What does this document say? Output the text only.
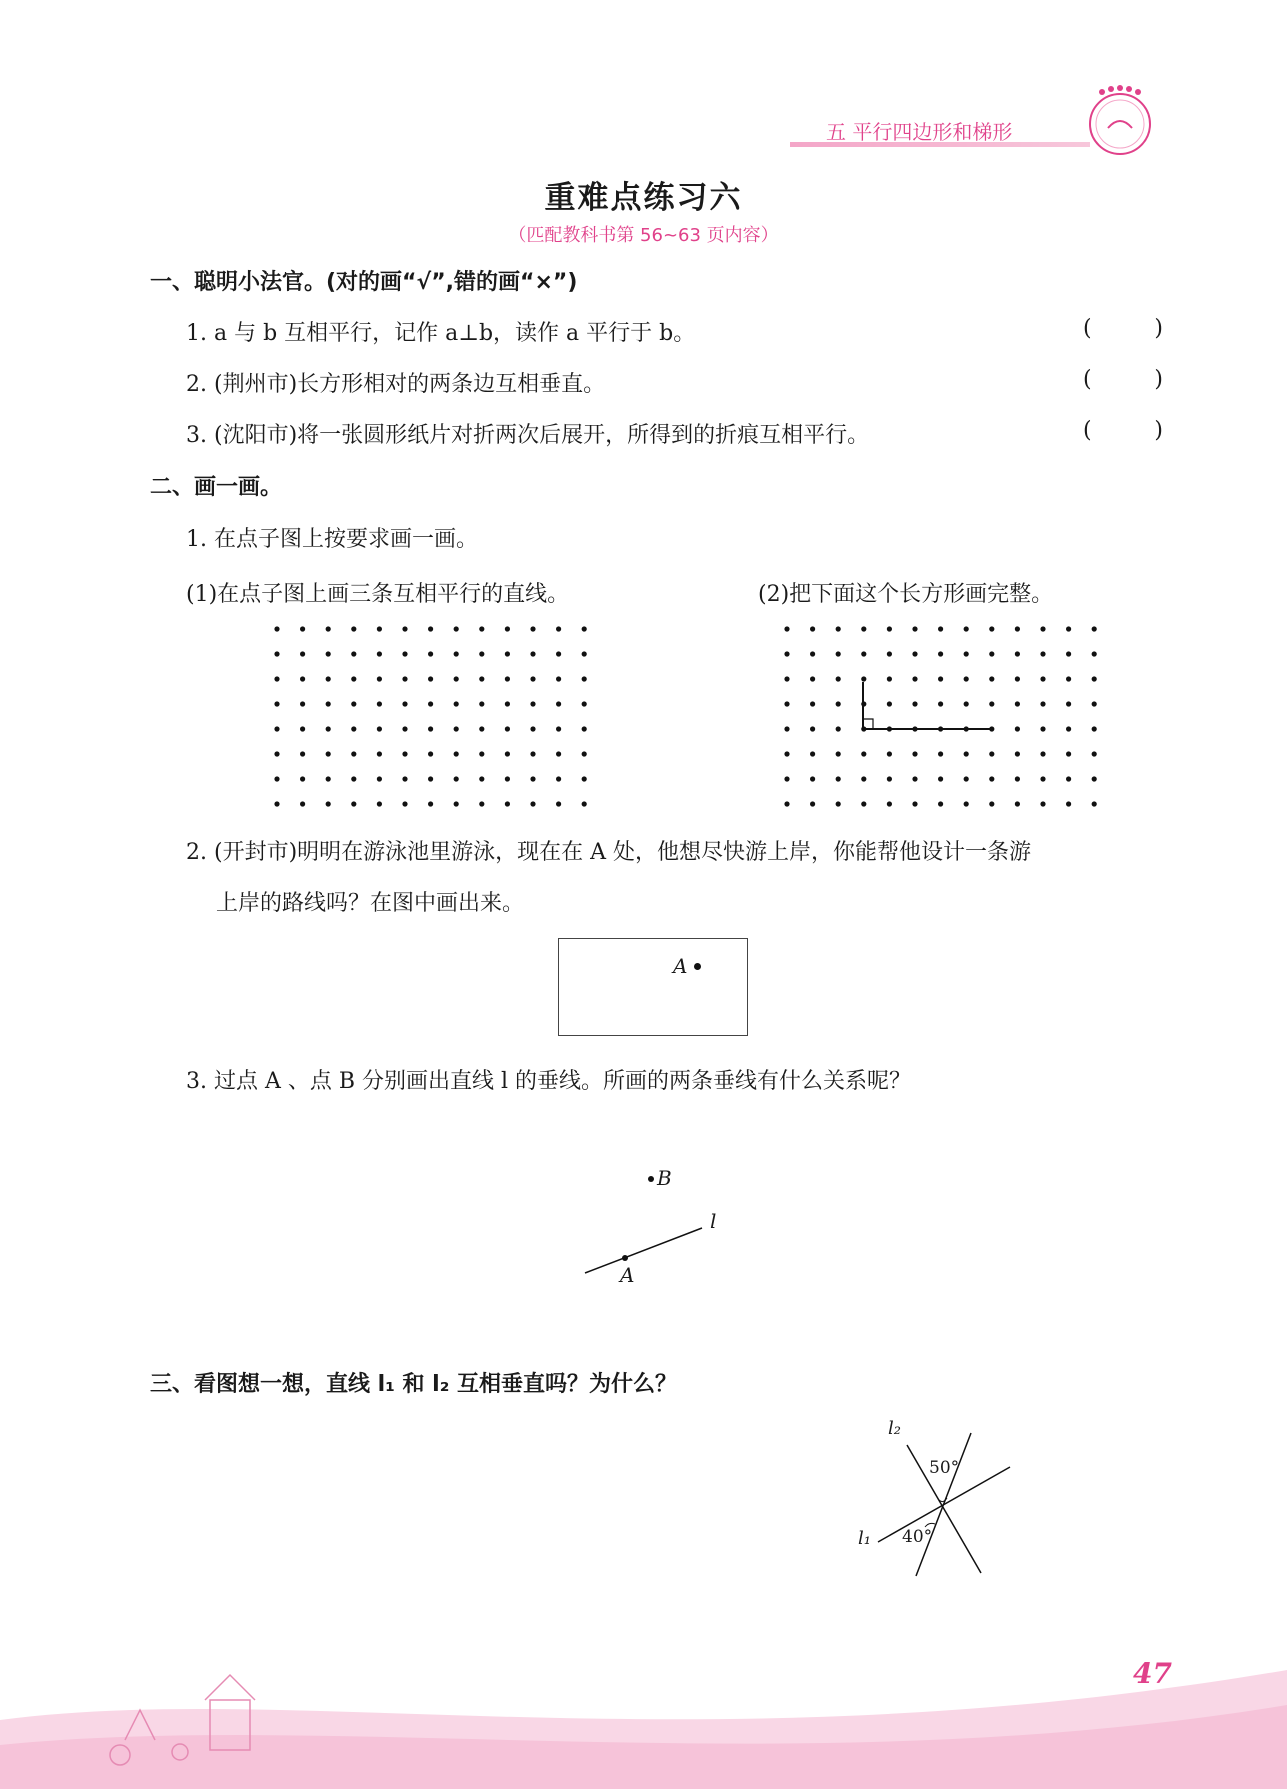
五 平行四边形和梯形
重难点练习六
（匹配教科书第 56~63 页内容）
一、聪明小法官。(对的画“√”,错的画“×”)
1. a 与 b 互相平行，记作 a⊥b，读作 a 平行于 b。	(	)
2. (荆州市)长方形相对的两条边互相垂直。	(	)
3. (沈阳市)将一张圆形纸片对折两次后展开，所得到的折痕互相平行。	(	)
二、画一画。
1. 在点子图上按要求画一画。
(1)在点子图上画三条互相平行的直线。	(2)把下面这个长方形画完整。
2. (开封市)明明在游泳池里游泳，现在在 A 处，他想尽快游上岸，你能帮他设计一条游
上岸的路线吗？在图中画出来。
A
3. 过点 A 、点 B 分别画出直线 l 的垂线。所画的两条垂线有什么关系呢？
B
l
A
三、看图想一想，直线 l₁ 和 l₂ 互相垂直吗？为什么？
l₂
l₁
50°
40°
47
